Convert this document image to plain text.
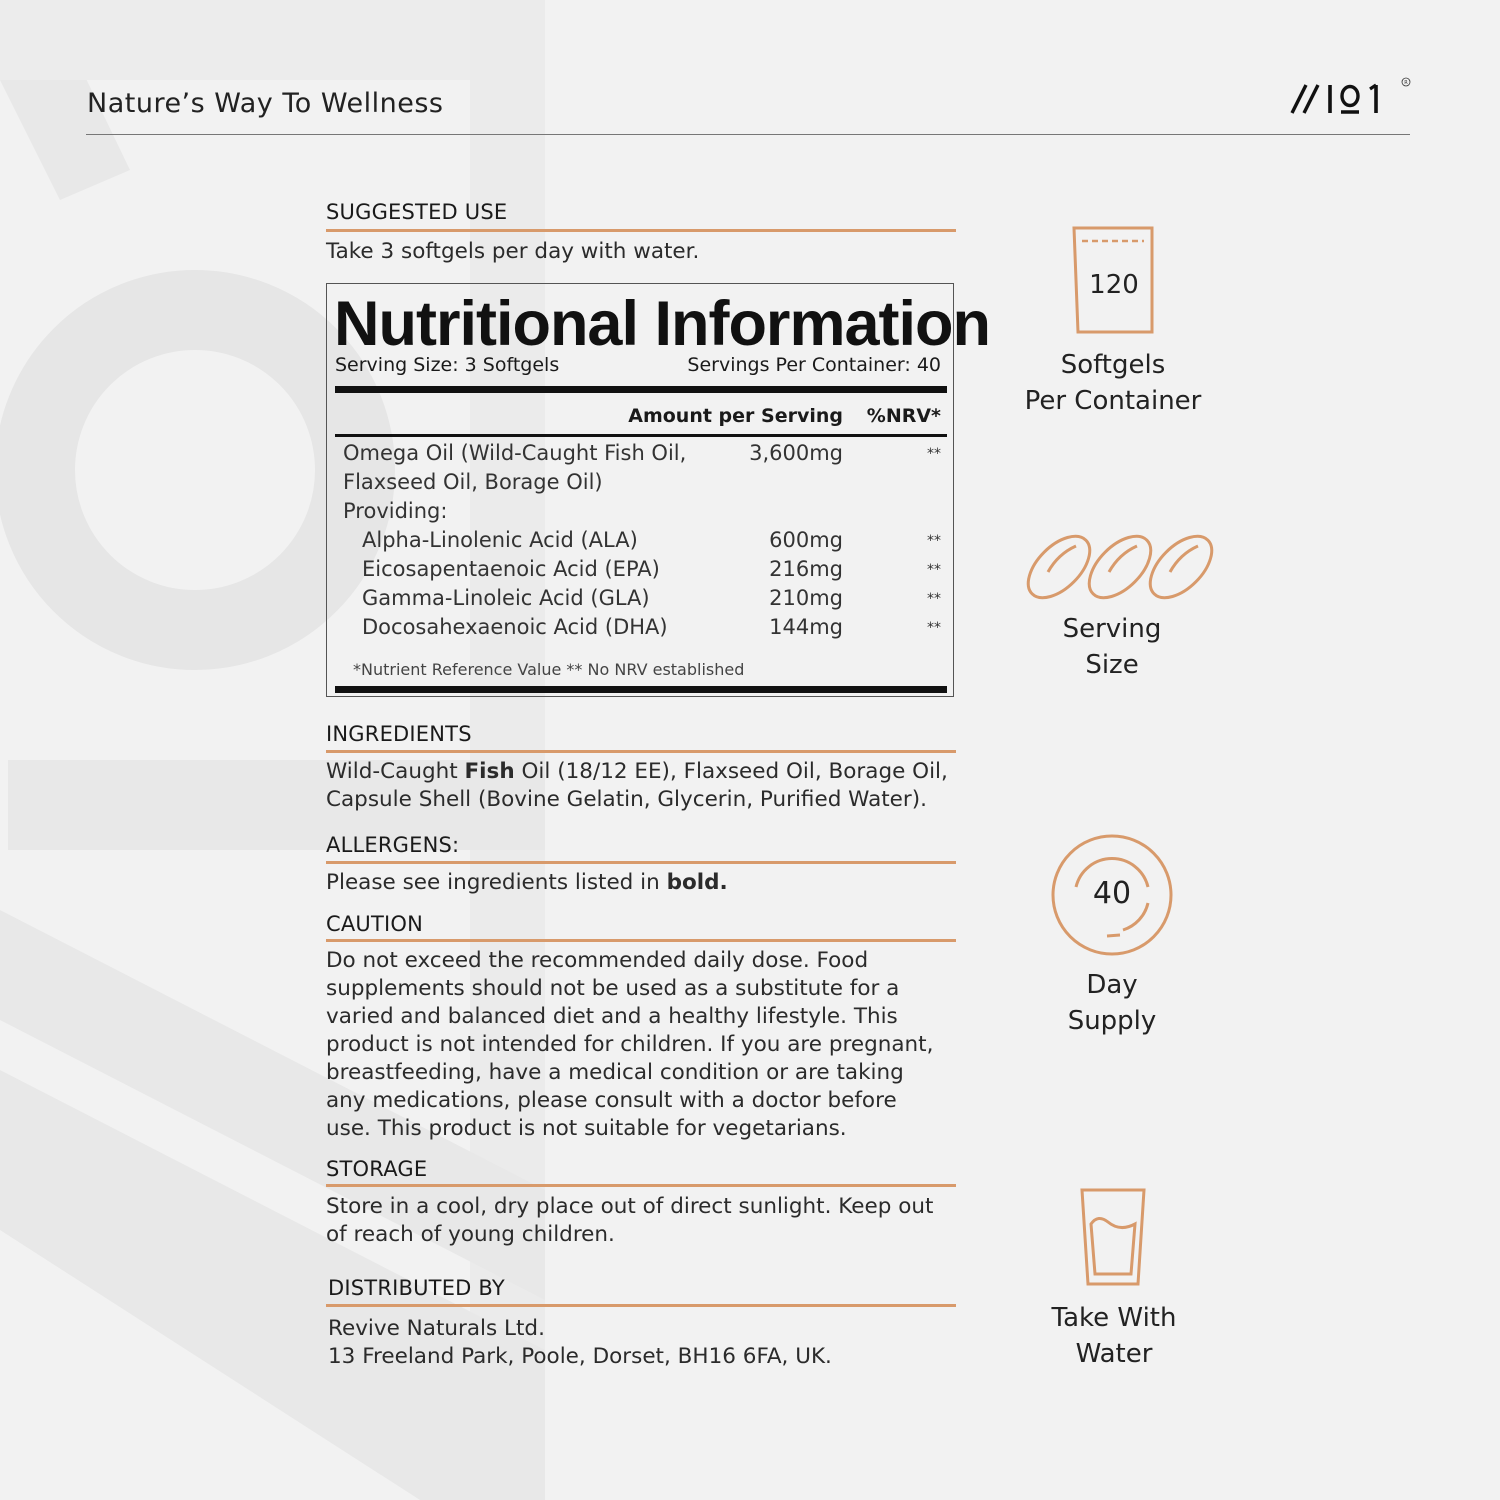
Nature’s Way To Wellness
R
SUGGESTED USE
Take 3 softgels per day with water.
Nutritional Information
Serving Size: 3 Softgels	Servings Per Container: 40
Amount per Serving %NRV*
Omega Oil (Wild-Caught Fish Oil,	3,600mg	**
Flaxseed Oil, Borage Oil)
Providing:
Alpha-Linolenic Acid (ALA)	600mg	**
Eicosapentaenoic Acid (EPA)	216mg	**
Gamma-Linoleic Acid (GLA)	210mg	**
Docosahexaenoic Acid (DHA)	144mg	**
*Nutrient Reference Value ** No NRV established
INGREDIENTS
Wild-Caught Fish Oil (18/12 EE), Flaxseed Oil, Borage Oil,
Capsule Shell (Bovine Gelatin, Glycerin, Purified Water).
ALLERGENS:
Please see ingredients listed in bold.
CAUTION
Do not exceed the recommended daily dose. Food
supplements should not be used as a substitute for a
varied and balanced diet and a healthy lifestyle. This
product is not intended for children. If you are pregnant,
breastfeeding, have a medical condition or are taking
any medications, please consult with a doctor before
use. This product is not suitable for vegetarians.
STORAGE
Store in a cool, dry place out of direct sunlight. Keep out
of reach of young children.
DISTRIBUTED BY
Revive Naturals Ltd.
13 Freeland Park, Poole, Dorset, BH16 6FA, UK.
120
Softgels
Per Container
Serving
Size
40
Day
Supply
Take With
Water
